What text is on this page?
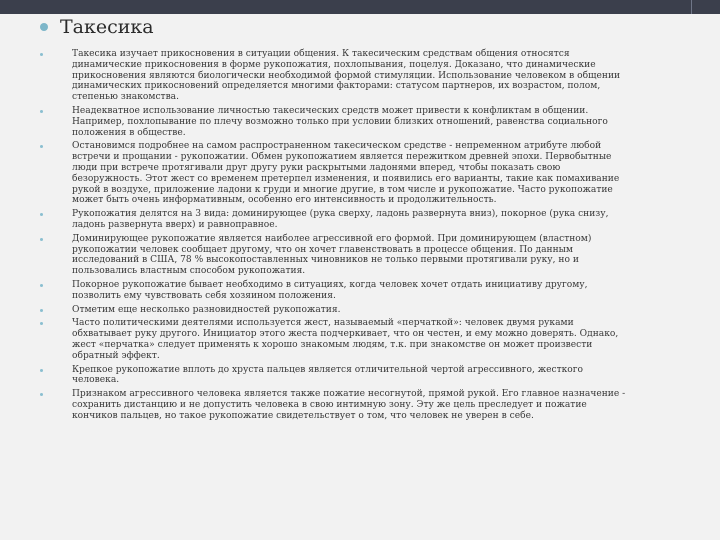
Такесика
Такесика изучает прикосновения в ситуации общения. К такесическим средствам общения относятся динамические прикосновения в форме рукопожатия, похлопывания, поцелуя. Доказано, что динамические прикосновения являются биологически необходимой формой стимуляции. Использование человеком в общении динамических прикосновений определяется многими факторами: статусом партнеров, их возрастом, полом, степенью знакомства.
Неадекватное использование личностью такесических средств может привести к конфликтам в общении. Например, похлопывание по плечу возможно только при условии близких отношений, равенства социального положения в обществе.
Остановимся подробнее на самом распространенном такесическом средстве - непременном атрибуте любой встречи и прощании - рукопожатии. Обмен рукопожатием является пережитком древней эпохи. Первобытные люди при встрече протягивали друг другу руки раскрытыми ладонями вперед, чтобы показать свою безоружность. Этот жест со временем претерпел изменения, и появились его варианты, такие как помахивание рукой в воздухе, приложение ладони к груди и многие другие, в том числе и рукопожатие. Часто рукопожатие может быть очень информативным, особенно его интенсивность и продолжительность.
Рукопожатия делятся на 3 вида: доминирующее (рука сверху, ладонь развернута вниз), покорное (рука снизу, ладонь развернута вверх) и равноправное.
Доминирующее рукопожатие является наиболее агрессивной его формой. При доминирующем (властном) рукопожатии человек сообщает другому, что он хочет главенствовать в процессе общения. По данным исследований в США, 78 % высокопоставленных чиновников не только первыми протягивали руку, но и пользовались властным способом рукопожатия.
Покорное рукопожатие бывает необходимо в ситуациях, когда человек хочет отдать инициативу другому, позволить ему чувствовать себя хозяином положения.
Отметим еще несколько разновидностей рукопожатия.
Часто политическими деятелями используется жест, называемый «перчаткой»: человек двумя руками обхватывает руку другого. Инициатор этого жеста подчеркивает, что он честен, и ему можно доверять. Однако, жест «перчатка» следует применять к хорошо знакомым людям, т.к. при знакомстве он может произвести обратный эффект.
Крепкое рукопожатие вплоть до хруста пальцев является отличительной чертой агрессивного, жесткого человека.
Признаком агрессивного человека является также пожатие несогнутой, прямой рукой. Его главное назначение - сохранить дистанцию и не допустить человека в свою интимную зону. Эту же цель преследует и пожатие кончиков пальцев, но такое рукопожатие свидетельствует о том, что человек не уверен в себе.
